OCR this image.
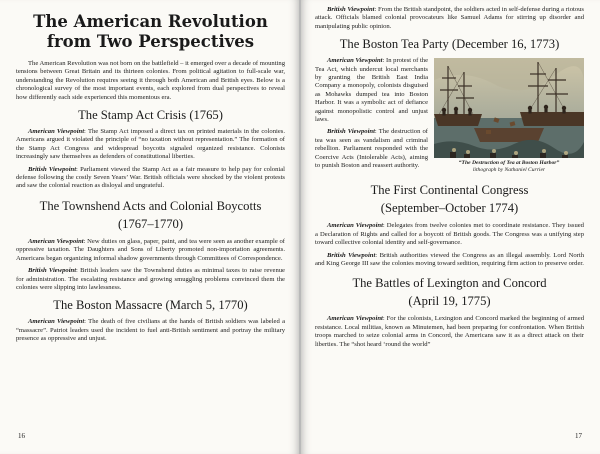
The American Revolution
from Two Perspectives

The American Revolution was not born on the battlefield – it emerged over a decade of mounting tensions between Great Britain and its thirteen colonies. From political agitation to full-scale war, understanding the Revolution requires seeing it through both American and British eyes. Below is a chronological survey of the most important events, each explored from dual perspectives to reveal how differently each side experienced this momentous era.

The Stamp Act Crisis (1765)

American Viewpoint: The Stamp Act imposed a direct tax on printed materials in the colonies. Americans argued it violated the principle of “no taxation without representation.” The formation of the Stamp Act Congress and widespread boycotts signaled organized resistance. Colonists increasingly saw themselves as defenders of constitutional liberties.

British Viewpoint: Parliament viewed the Stamp Act as a fair measure to help pay for colonial defense following the costly Seven Years’ War. British officials were shocked by the violent protests and saw the colonial reaction as disloyal and ungrateful.

The Townshend Acts and Colonial Boycotts
(1767–1770)

American Viewpoint: New duties on glass, paper, paint, and tea were seen as another example of oppressive taxation. The Daughters and Sons of Liberty promoted non-importation agreements. Americans began organizing informal shadow governments through Committees of Correspondence.

British Viewpoint: British leaders saw the Townshend duties as minimal taxes to raise revenue for administration. The escalating resistance and growing smuggling problems convinced them the colonies were slipping into lawlessness.

The Boston Massacre (March 5, 1770)

American Viewpoint: The death of five civilians at the hands of British soldiers was labeled a “massacre”. Patriot leaders used the incident to fuel anti-British sentiment and portray the military presence as oppressive and unjust.

16

British Viewpoint: From the British standpoint, the soldiers acted in self-defense during a riotous attack. Officials blamed colonial provocateurs like Samuel Adams for stirring up disorder and manipulating public opinion.

The Boston Tea Party (December 16, 1773)
“The Destruction of Tea at Boston Harbor”
lithograph by Nathaniel Currier

American Viewpoint: In protest of the Tea Act, which undercut local merchants by granting the British East India Company a monopoly, colonists disguised as Mohawks dumped tea into Boston Harbor. It was a symbolic act of defiance against monopolistic control and unjust laws.

British Viewpoint: The destruction of tea was seen as vandalism and criminal rebellion. Parliament responded with the Coercive Acts (Intolerable Acts), aiming to punish Boston and reassert authority.

The First Continental Congress
(September–October 1774)

American Viewpoint: Delegates from twelve colonies met to coordinate resistance. They issued a Declaration of Rights and called for a boycott of British goods. The Congress was a unifying step toward collective colonial identity and self-governance.

British Viewpoint: British authorities viewed the Congress as an illegal assembly. Lord North and King George III saw the colonies moving toward sedition, requiring firm action to preserve order.

The Battles of Lexington and Concord
(April 19, 1775)

American Viewpoint: For the colonists, Lexington and Concord marked the beginning of armed resistance. Local militias, known as Minutemen, had been preparing for confrontation. When British troops marched to seize colonial arms in Concord, the Americans saw it as a direct attack on their liberties. The “shot heard ‘round the world”

17
